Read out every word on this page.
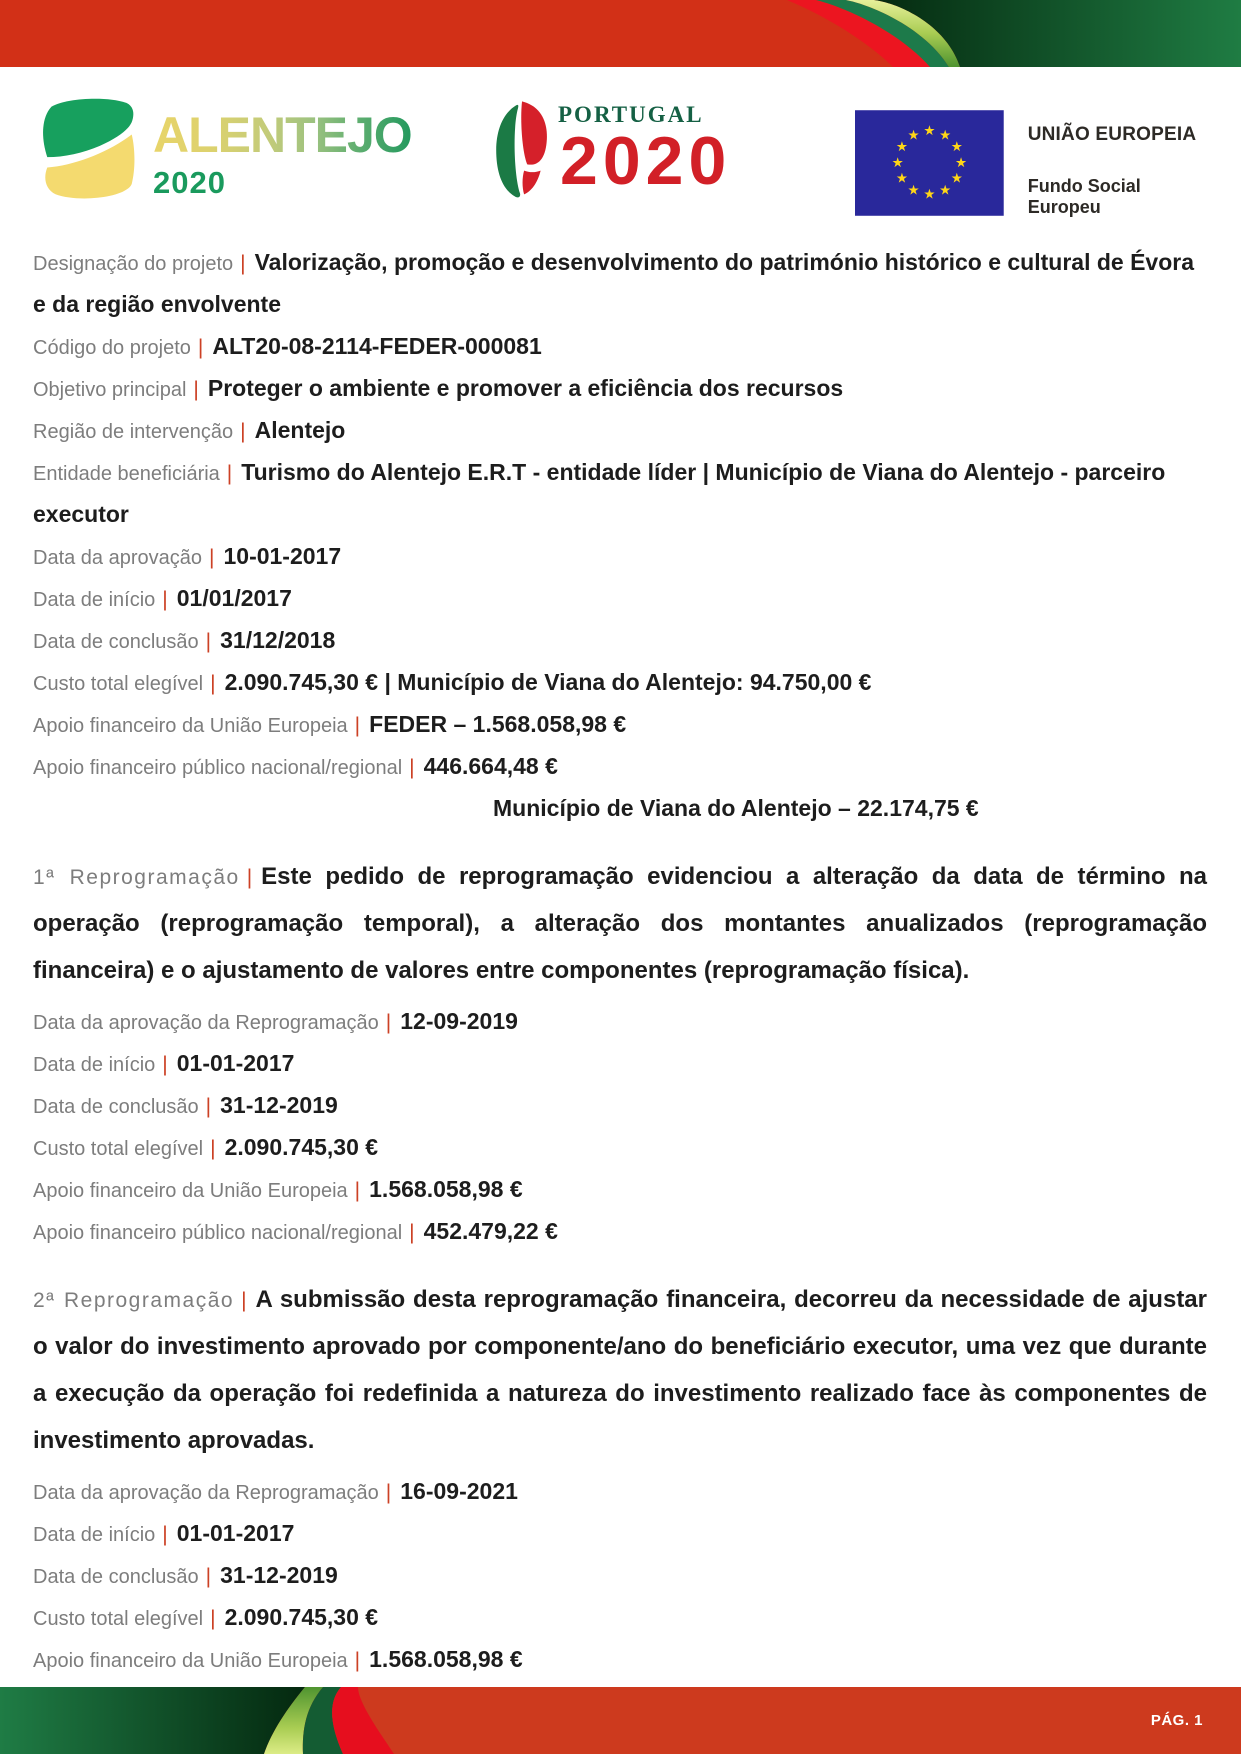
ALENTEJO
2020
PORTUGAL
2020	★ ★
★
★
★
★
★
★
★
★
★
★	UNIÃO EUROPEIA
Fundo Social Europeu
Designação do projeto | Valorização, promoção e desenvolvimento do património histórico e cultural de Évora e da região envolvente
Código do projeto | ALT20-08-2114-FEDER-000081
Objetivo principal | Proteger o ambiente e promover a eficiência dos recursos
Região de intervenção | Alentejo
Entidade beneficiária | Turismo do Alentejo E.R.T - entidade líder | Município de Viana do Alentejo - parceiro executor
Data da aprovação | 10-01-2017
Data de início | 01/01/2017
Data de conclusão | 31/12/2018
Custo total elegível | 2.090.745,30 € | Município de Viana do Alentejo: 94.750,00 €
Apoio financeiro da União Europeia | FEDER – 1.568.058,98 €
Apoio financeiro público nacional/regional | 446.664,48 €
Município de Viana do Alentejo – 22.174,75 €

1ª Reprogramação | Este pedido de reprogramação evidenciou a alteração da data de término na operação (reprogramação temporal), a alteração dos montantes anualizados (reprogramação financeira) e o ajustamento de valores entre componentes (reprogramação física).

Data da aprovação da Reprogramação | 12-09-2019
Data de início | 01-01-2017
Data de conclusão | 31-12-2019
Custo total elegível | 2.090.745,30 €
Apoio financeiro da União Europeia | 1.568.058,98 €
Apoio financeiro público nacional/regional | 452.479,22 €

2ª Reprogramação | A submissão desta reprogramação financeira, decorreu da necessidade de ajustar o valor do investimento aprovado por componente/ano do beneficiário executor, uma vez que durante a execução da operação foi redefinida a natureza do investimento realizado face às componentes de investimento aprovadas.

Data da aprovação da Reprogramação | 16-09-2021
Data de início | 01-01-2017
Data de conclusão | 31-12-2019
Custo total elegível | 2.090.745,30 €
Apoio financeiro da União Europeia | 1.568.058,98 €
PÁG. 1
